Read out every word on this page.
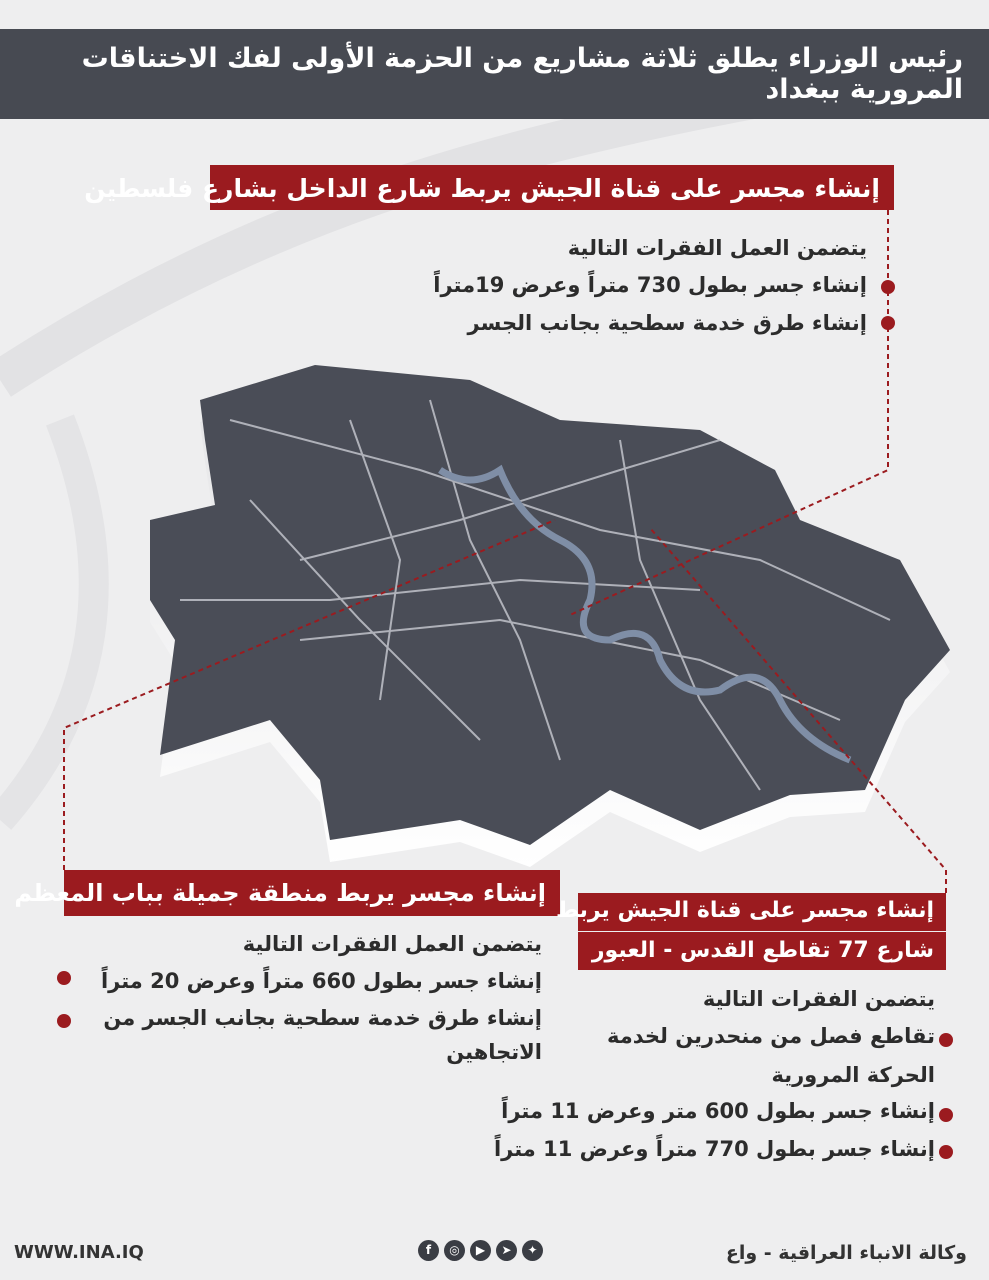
رئيس الوزراء يطلق ثلاثة مشاريع من الحزمة الأولى لفك الاختناقات المرورية ببغداد
إنشاء مجسر على قناة الجيش يربط شارع الداخل بشارع فلسطين
يتضمن العمل الفقرات التالية
إنشاء جسر بطول 730 متراً وعرض 19متراً
إنشاء طرق خدمة سطحية بجانب الجسر
إنشاء مجسر يربط منطقة جميلة بباب المعظم
يتضمن العمل الفقرات التالية
إنشاء جسر بطول 660 متراً وعرض 20 متراً
إنشاء طرق خدمة سطحية بجانب الجسر من
الاتجاهين
إنشاء مجسر على قناة الجيش يربط
شارع 77 تقاطع القدس - العبور
يتضمن الفقرات التالية
تقاطع فصل من منحدرين لخدمة
الحركة المرورية
إنشاء جسر بطول 600 متر وعرض 11 متراً
إنشاء جسر بطول 770 متراً وعرض 11 متراً
WWW.INA.IQ	f	◎	▶	➤	✦	وكالة الانباء العراقية - واع
